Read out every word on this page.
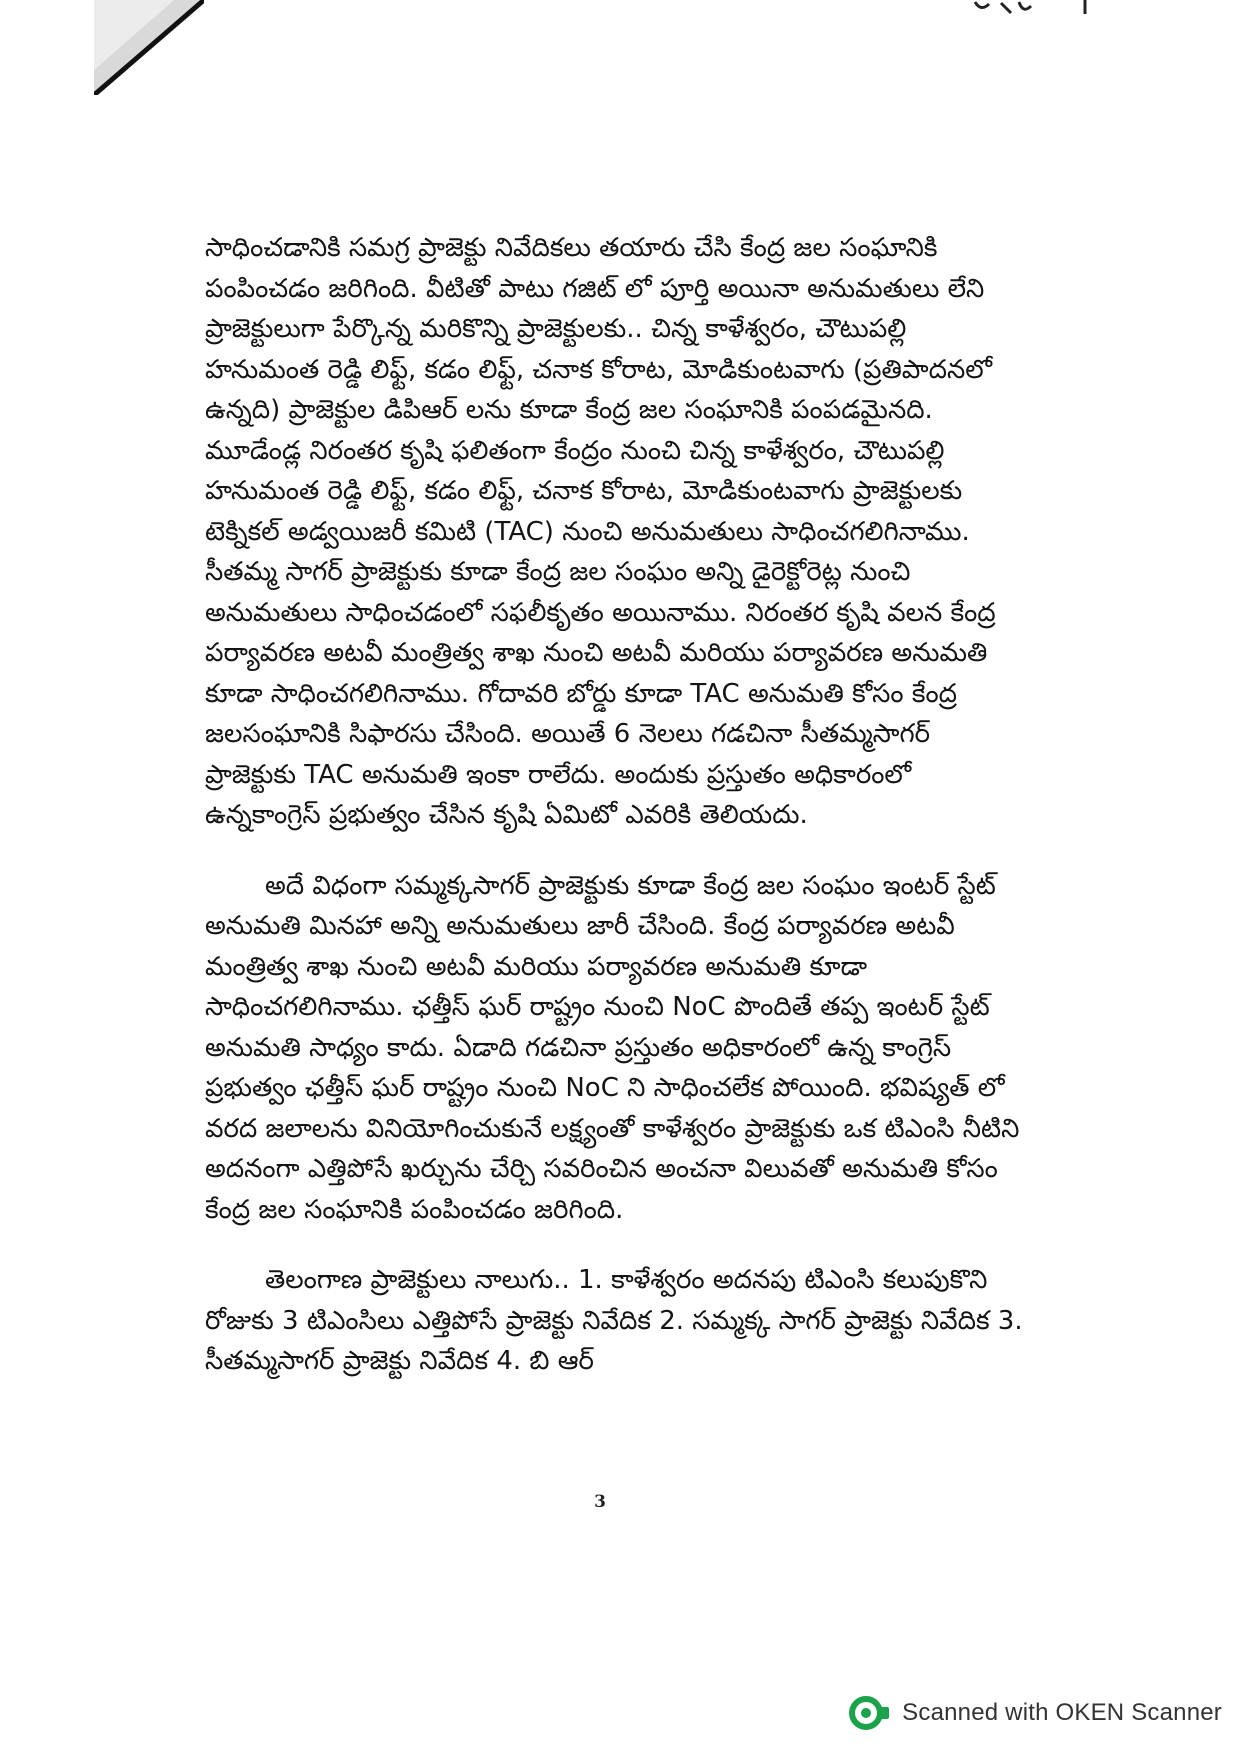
సాధించడానికి సమగ్ర ప్రాజెక్టు నివేదికలు తయారు చేసి కేంద్ర జల సంఘానికి పంపించడం జరిగింది. వీటితో పాటు గజిట్ లో పూర్తి అయినా అనుమతులు లేని ప్రాజెక్టులుగా పేర్కొన్న మరికొన్ని ప్రాజెక్టులకు.. చిన్న కాళేశ్వరం, చౌటుపల్లి హనుమంత రెడ్డి లిఫ్ట్, కడం లిఫ్ట్, చనాక కోరాట, మోడికుంటవాగు (ప్రతిపాదనలో ఉన్నది) ప్రాజెక్టుల డిపిఆర్ లను కూడా కేంద్ర జల సంఘానికి పంపడమైనది. మూడేండ్ల నిరంతర కృషి ఫలితంగా కేంద్రం నుంచి చిన్న కాళేశ్వరం, చౌటుపల్లి హనుమంత రెడ్డి లిఫ్ట్, కడం లిఫ్ట్, చనాక కోరాట, మోడికుంటవాగు ప్రాజెక్టులకు టెక్నికల్ అడ్వయిజరీ కమిటి (TAC) నుంచి అనుమతులు సాధించగలిగినాము. సీతమ్మ సాగర్ ప్రాజెక్టుకు కూడా కేంద్ర జల సంఘం అన్ని డైరెక్టోరెట్ల నుంచి అనుమతులు సాధించడంలో సఫలీకృతం అయినాము. నిరంతర కృషి వలన కేంద్ర పర్యావరణ అటవీ మంత్రిత్వ శాఖ నుంచి అటవీ మరియు పర్యావరణ అనుమతి కూడా సాధించగలిగినాము. గోదావరి బోర్డు కూడా TAC అనుమతి కోసం కేంద్ర జలసంఘానికి సిఫారసు చేసింది. అయితే 6 నెలలు గడచినా సీతమ్మసాగర్ ప్రాజెక్టుకు TAC అనుమతి ఇంకా రాలేదు. అందుకు ప్రస్తుతం అధికారంలో ఉన్నకాంగ్రెస్ ప్రభుత్వం చేసిన కృషి ఏమిటో ఎవరికి తెలియదు.

అదే విధంగా సమ్మక్కసాగర్ ప్రాజెక్టుకు కూడా కేంద్ర జల సంఘం ఇంటర్ స్టేట్ అనుమతి మినహా అన్ని అనుమతులు జారీ చేసింది. కేంద్ర పర్యావరణ అటవీ మంత్రిత్వ శాఖ నుంచి అటవీ మరియు పర్యావరణ అనుమతి కూడా సాధించగలిగినాము. ఛత్తీస్ ఘర్ రాష్ట్రం నుంచి NoC పొందితే తప్ప ఇంటర్ స్టేట్ అనుమతి సాధ్యం కాదు. ఏడాది గడచినా ప్రస్తుతం అధికారంలో ఉన్న కాంగ్రెస్ ప్రభుత్వం ఛత్తీస్ ఘర్ రాష్ట్రం నుంచి NoC ని సాధించలేక పోయింది. భవిష్యత్ లో వరద జలాలను వినియోగించుకునే లక్ష్యంతో కాళేశ్వరం ప్రాజెక్టుకు ఒక టిఎంసి నీటిని అదనంగా ఎత్తిపోసే ఖర్చును చేర్చి సవరించిన అంచనా విలువతో అనుమతి కోసం కేంద్ర జల సంఘానికి పంపించడం జరిగింది.

తెలంగాణ ప్రాజెక్టులు నాలుగు.. 1. కాళేశ్వరం అదనపు టిఎంసి కలుపుకొని రోజుకు 3 టిఎంసిలు ఎత్తిపోసే ప్రాజెక్టు నివేదిక 2. సమ్మక్క సాగర్ ప్రాజెక్టు నివేదిక 3. సీతమ్మసాగర్ ప్రాజెక్టు నివేదిక 4. బి ఆర్

3
Scanned with OKEN Scanner
